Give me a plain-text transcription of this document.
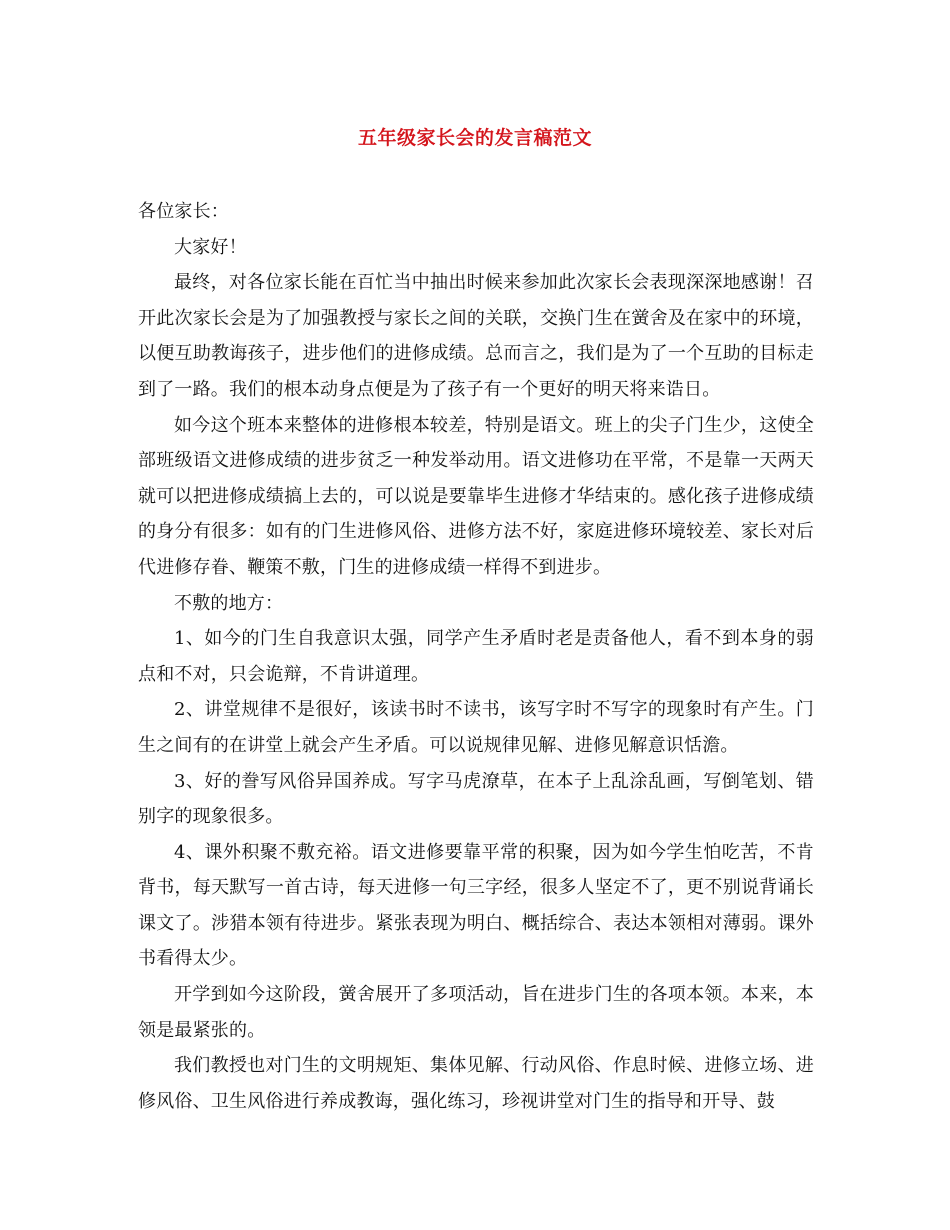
五年级家长会的发言稿范文

各位家长：

大家好！

最终，对各位家长能在百忙当中抽出时候来参加此次家长会表现深深地感谢！召开此次家长会是为了加强教授与家长之间的关联，交换门生在黉舍及在家中的环境，以便互助教诲孩子，进步他们的进修成绩。总而言之，我们是为了一个互助的目标走到了一路。我们的根本动身点便是为了孩子有一个更好的明天将来诰日。

如今这个班本来整体的进修根本较差，特别是语文。班上的尖子门生少，这使全部班级语文进修成绩的进步贫乏一种发举动用。语文进修功在平常，不是靠一天两天就可以把进修成绩搞上去的，可以说是要靠毕生进修才华结束的。感化孩子进修成绩的身分有很多：如有的门生进修风俗、进修方法不好，家庭进修环境较差、家长对后代进修存眷、鞭策不敷，门生的进修成绩一样得不到进步。

不敷的地方：

1、如今的门生自我意识太强，同学产生矛盾时老是责备他人，看不到本身的弱点和不对，只会诡辩，不肯讲道理。

2、讲堂规律不是很好，该读书时不读书，该写字时不写字的现象时有产生。门生之间有的在讲堂上就会产生矛盾。可以说规律见解、进修见解意识恬澹。

3、好的誊写风俗异国养成。写字马虎潦草，在本子上乱涂乱画，写倒笔划、错别字的现象很多。

4、课外积聚不敷充裕。语文进修要靠平常的积聚，因为如今学生怕吃苦，不肯背书，每天默写一首古诗，每天进修一句三字经，很多人坚定不了，更不别说背诵长课文了。涉猎本领有待进步。紧张表现为明白、概括综合、表达本领相对薄弱。课外书看得太少。

开学到如今这阶段，黉舍展开了多项活动，旨在进步门生的各项本领。本来，本领是最紧张的。

我们教授也对门生的文明规矩、集体见解、行动风俗、作息时候、进修立场、进修风俗、卫生风俗进行养成教诲，强化练习，珍视讲堂对门生的指导和开导、鼓
